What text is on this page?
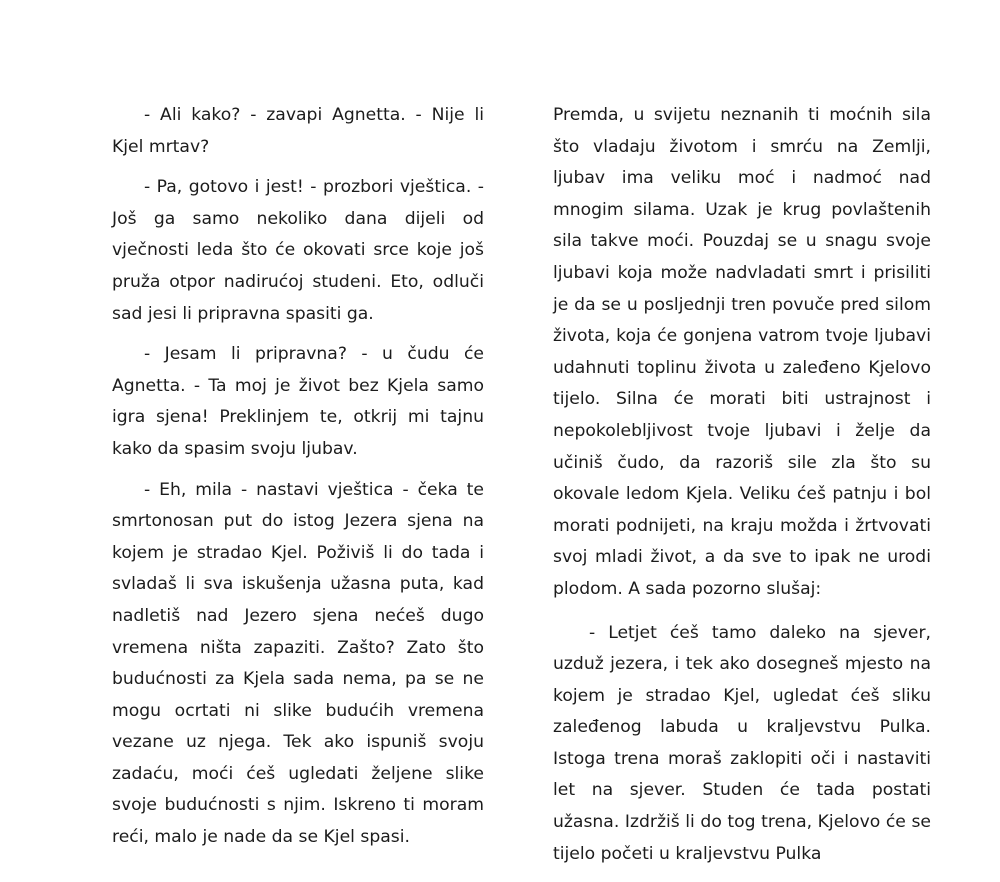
- Ali kako? - zavapi Agnetta. - Nije li Kjel mrtav?

- Pa, gotovo i jest! - prozbori vještica. - Još ga samo nekoliko dana dijeli od vječnosti leda što će okovati srce koje još pruža otpor nadirućoj studeni. Eto, odluči sad jesi li pripravna spasiti ga.

- Jesam li pripravna? - u čudu će Agnetta. - Ta moj je život bez Kjela samo igra sjena! Preklinjem te, otkrij mi tajnu kako da spasim svoju ljubav.

- Eh, mila - nastavi vještica - čeka te smrtonosan put do istog Jezera sjena na kojem je stradao Kjel. Poživiš li do tada i svladaš li sva iskušenja užasna puta, kad nadletiš nad Jezero sjena nećeš dugo vremena ništa zapaziti. Zašto? Zato što budućnosti za Kjela sada nema, pa se ne mogu ocrtati ni slike budućih vremena vezane uz njega. Tek ako ispuniš svoju zadaću, moći ćeš ugledati željene slike svoje budućnosti s njim. Iskreno ti moram reći, malo je nade da se Kjel spasi.

Premda, u svijetu neznanih ti moćnih sila što vladaju životom i smrću na Zemlji, ljubav ima veliku moć i nadmoć nad mnogim silama. Uzak je krug povlaštenih sila takve moći. Pouzdaj se u snagu svoje ljubavi koja može nadvladati smrt i prisiliti je da se u posljednji tren povuče pred silom života, koja će gonjena vatrom tvoje ljubavi udahnuti toplinu života u zaleđeno Kjelovo tijelo. Silna će morati biti ustrajnost i nepokolebljivost tvoje ljubavi i želje da učiniš čudo, da razoriš sile zla što su okovale ledom Kjela. Veliku ćeš patnju i bol morati podnijeti, na kraju možda i žrtvovati svoj mladi život, a da sve to ipak ne urodi plodom. A sada pozorno slušaj:

- Letjet ćeš tamo daleko na sjever, uzduž jezera, i tek ako dosegneš mjesto na kojem je stradao Kjel, ugledat ćeš sliku zaleđenog labuda u kraljevstvu Pulka. Istoga trena moraš zaklopiti oči i nastaviti let na sjever. Studen će tada postati užasna. Izdržiš li do tog trena, Kjelovo će se tijelo početi u kraljevstvu Pulka
